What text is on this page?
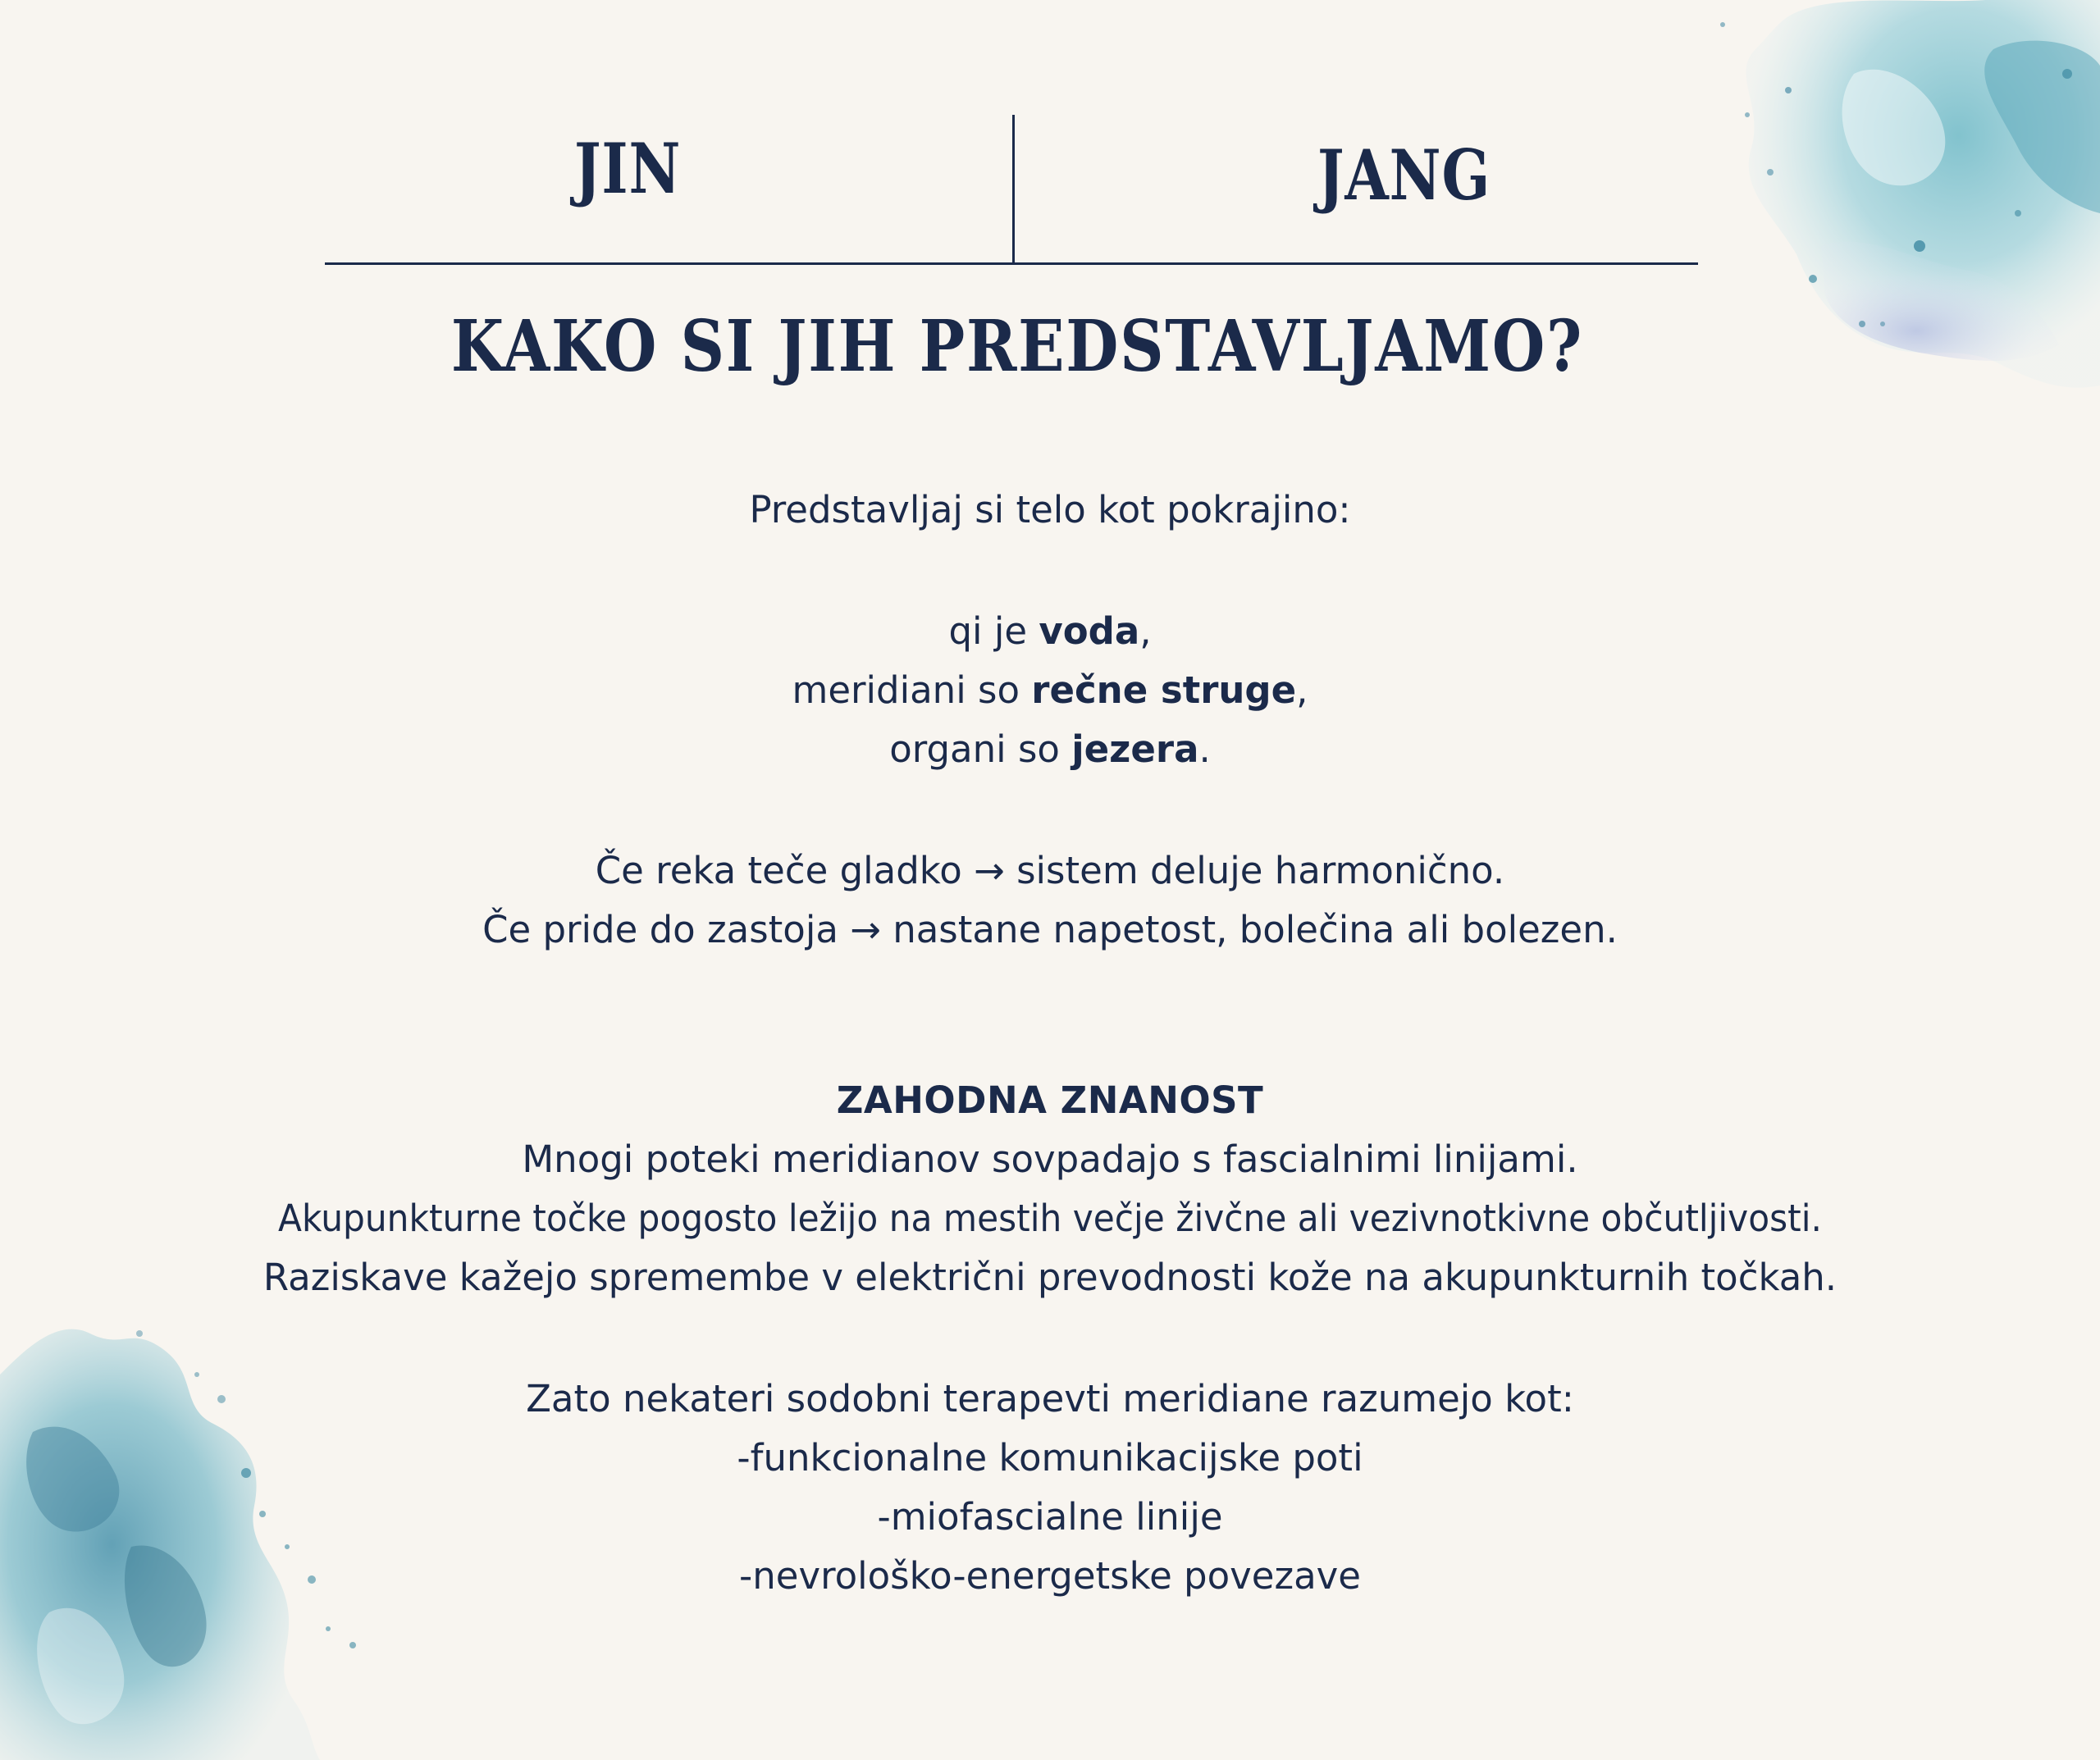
JIN	JANG
KAKO SI JIH PREDSTAVLJAMO?
Predstavljaj si telo kot pokrajino:
qi je voda,
meridiani so rečne struge,
organi so jezera.
Če reka teče gladko → sistem deluje harmonično.
Če pride do zastoja → nastane napetost, bolečina ali bolezen.
ZAHODNA ZNANOST
Mnogi poteki meridianov sovpadajo s fascialnimi linijami.
Akupunkturne točke pogosto ležijo na mestih večje živčne ali vezivnotkivne občutljivosti.
Raziskave kažejo spremembe v električni prevodnosti kože na akupunkturnih točkah.
Zato nekateri sodobni terapevti meridiane razumejo kot:
-funkcionalne komunikacijske poti
-miofascialne linije
-nevrološko-energetske povezave
